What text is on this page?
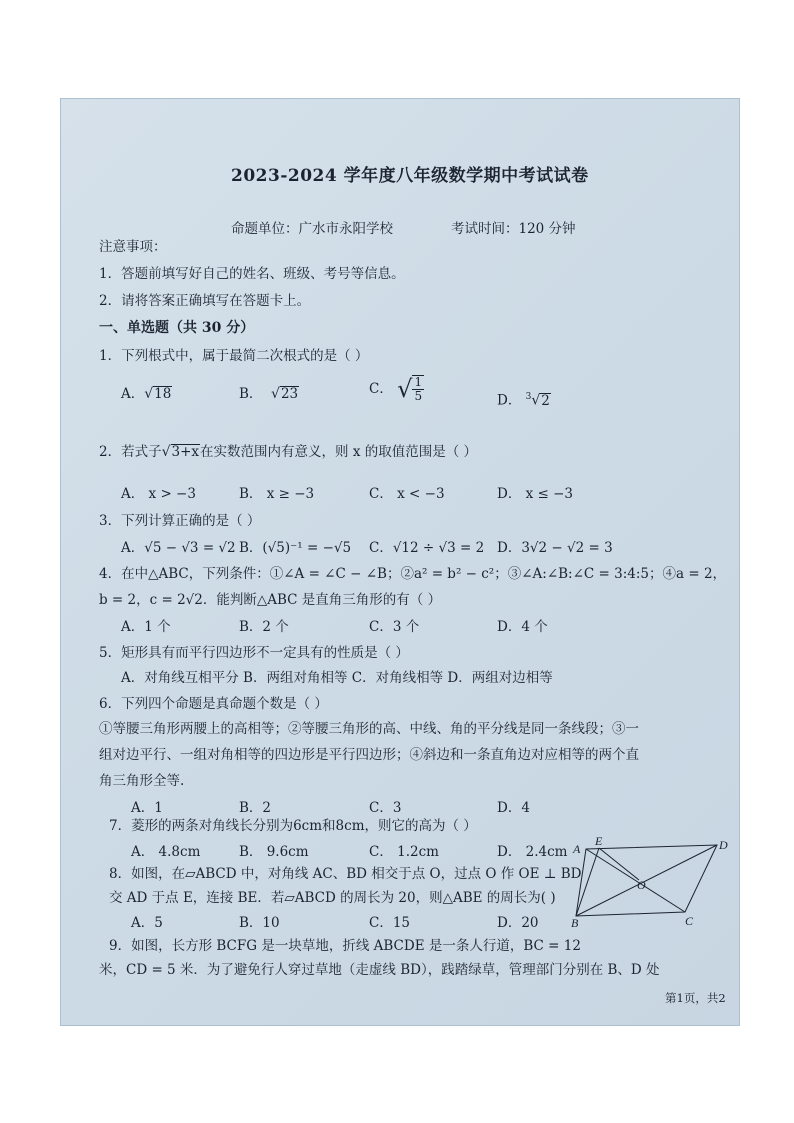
2023-2024 学年度八年级数学期中考试试卷
命题单位：广水市永阳学校	考试时间：120 分钟
注意事项：
1．答题前填写好自己的姓名、班级、考号等信息。
2．请将答案正确填写在答题卡上。
一、单选题（共 30 分）
1．下列根式中，属于最简二次根式的是（ ）
A．√18	B． √23	C． √ $\frac{1}{5}$	D． $^3$√2
2．若式子√3+x在实数范围内有意义，则 x 的取值范围是（ ）
A． x > −3	B． x ≥ −3	C． x < −3	D． x ≤ −3
3．下列计算正确的是（ ）
A．√5 − √3 = √2 B．(√5)⁻¹ = −√5 C．√12 ÷ √3 = 2 D．3√2 − √2 = 3
4．在中△ABC，下列条件：①∠A = ∠C − ∠B；②a² = b² − c²；③∠A:∠B:∠C = 3:4:5；④a = 2，
b = 2，c = 2√2．能判断△ABC 是直角三角形的有（ ）
A．1 个	B．2 个	C．3 个	D．4 个
5．矩形具有而平行四边形不一定具有的性质是（ ）
A．对角线互相平分 B．两组对角相等 C．对角线相等 D．两组对边相等
6．下列四个命题是真命题个数是（ ）
①等腰三角形两腰上的高相等；②等腰三角形的高、中线、角的平分线是同一条线段；③一
组对边平行、一组对角相等的四边形是平行四边形；④斜边和一条直角边对应相等的两个直
角三角形全等.
A．1	B．2	C．3	D．4
7．菱形的两条对角线长分别为6cm和8cm，则它的高为（ ）
A． 4.8cm	B． 9.6cm	C． 1.2cm	D． 2.4cm
8．如图，在▱ABCD 中，对角线 AC、BD 相交于点 O，过点 O 作 OE ⊥ BD
交 AD 于点 E，连接 BE．若▱ABCD 的周长为 20，则△ABE 的周长为( )
A．5	B．10	C．15	D．20
9．如图，长方形 BCFG 是一块草地，折线 ABCDE 是一条人行道，BC = 12
米，CD = 5 米．为了避免行人穿过草地（走虚线 BD），践踏绿草，管理部门分别在 B、D 处
A
E	D
O
B	C
第1页，共2
